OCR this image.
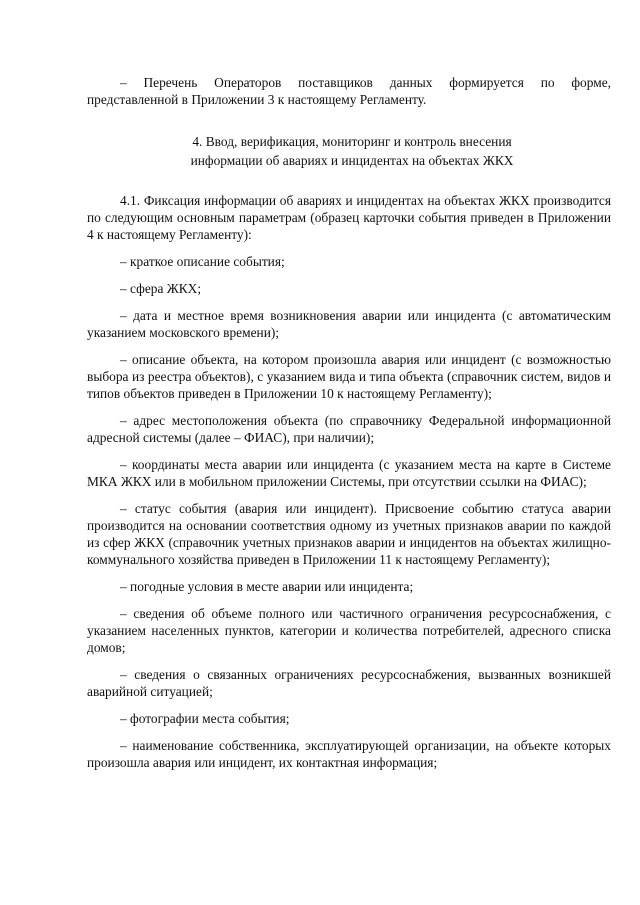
– Перечень Операторов поставщиков данных формируется по форме, представленной в Приложении 3 к настоящему Регламенту.

4. Ввод, верификация, мониторинг и контроль внесения
информации об авариях и инцидентах на объектах ЖКХ

4.1. Фиксация информации об авариях и инцидентах на объектах ЖКХ производится по следующим основным параметрам (образец карточки события приведен в Приложении 4 к настоящему Регламенту):

– краткое описание события;

– сфера ЖКХ;

– дата и местное время возникновения аварии или инцидента (с автоматическим указанием московского времени);

– описание объекта, на котором произошла авария или инцидент (с возможностью выбора из реестра объектов), с указанием вида и типа объекта (справочник систем, видов и типов объектов приведен в Приложении 10 к настоящему Регламенту);

– адрес местоположения объекта (по справочнику Федеральной информационной адресной системы (далее – ФИАС), при наличии);

– координаты места аварии или инцидента (с указанием места на карте в Системе МКА ЖКХ или в мобильном приложении Системы, при отсутствии ссылки на ФИАС);

– статус события (авария или инцидент). Присвоение событию статуса аварии производится на основании соответствия одному из учетных признаков аварии по каждой из сфер ЖКХ (справочник учетных признаков аварии и инцидентов на объектах жилищно-коммунального хозяйства приведен в Приложении 11 к настоящему Регламенту);

– погодные условия в месте аварии или инцидента;

– сведения об объеме полного или частичного ограничения ресурсоснабжения, с указанием населенных пунктов, категории и количества потребителей, адресного списка домов;

– сведения о связанных ограничениях ресурсоснабжения, вызванных возникшей аварийной ситуацией;

– фотографии места события;

– наименование собственника, эксплуатирующей организации, на объекте которых произошла авария или инцидент, их контактная информация;
